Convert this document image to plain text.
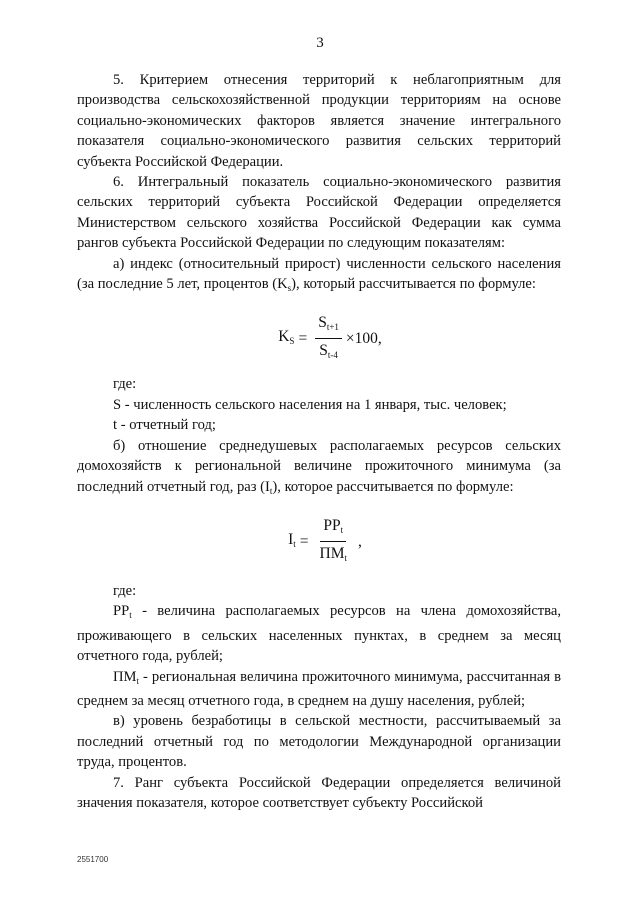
3

5. Критерием отнесения территорий к неблагоприятным для производства сельскохозяйственной продукции территориям на основе социально-экономических факторов является значение интегрального показателя социально-экономического развития сельских территорий субъекта Российской Федерации.

6. Интегральный показатель социально-экономического развития сельских территорий субъекта Российской Федерации определяется Министерством сельского хозяйства Российской Федерации как сумма рангов субъекта Российской Федерации по следующим показателям:

а) индекс (относительный прирост) численности сельского населения (за последние 5 лет, процентов $(K_s)$, который рассчитывается по формуле:

$K_S = \frac{S_{t+1}}{S_{t-4}} \times 100$ ,

где:

S - численность сельского населения на 1 января, тыс. человек;

t - отчетный год;

б) отношение среднедушевых располагаемых ресурсов сельских домохозяйств к региональной величине прожиточного минимума (за последний отчетный год, раз $(I_t)$, которое рассчитывается по формуле:

$I_t = \frac{PP_t}{ПМ_t}$ ,

где:

$РР_t$ - величина располагаемых ресурсов на члена домохозяйства, проживающего в сельских населенных пунктах, в среднем за месяц отчетного года, рублей;

$ПМ_t$ - региональная величина прожиточного минимума, рассчитанная в среднем за месяц отчетного года, в среднем на душу населения, рублей;

в) уровень безработицы в сельской местности, рассчитываемый за последний отчетный год по методологии Международной организации труда, процентов.

7. Ранг субъекта Российской Федерации определяется величиной значения показателя, которое соответствует субъекту Российской

2551700
